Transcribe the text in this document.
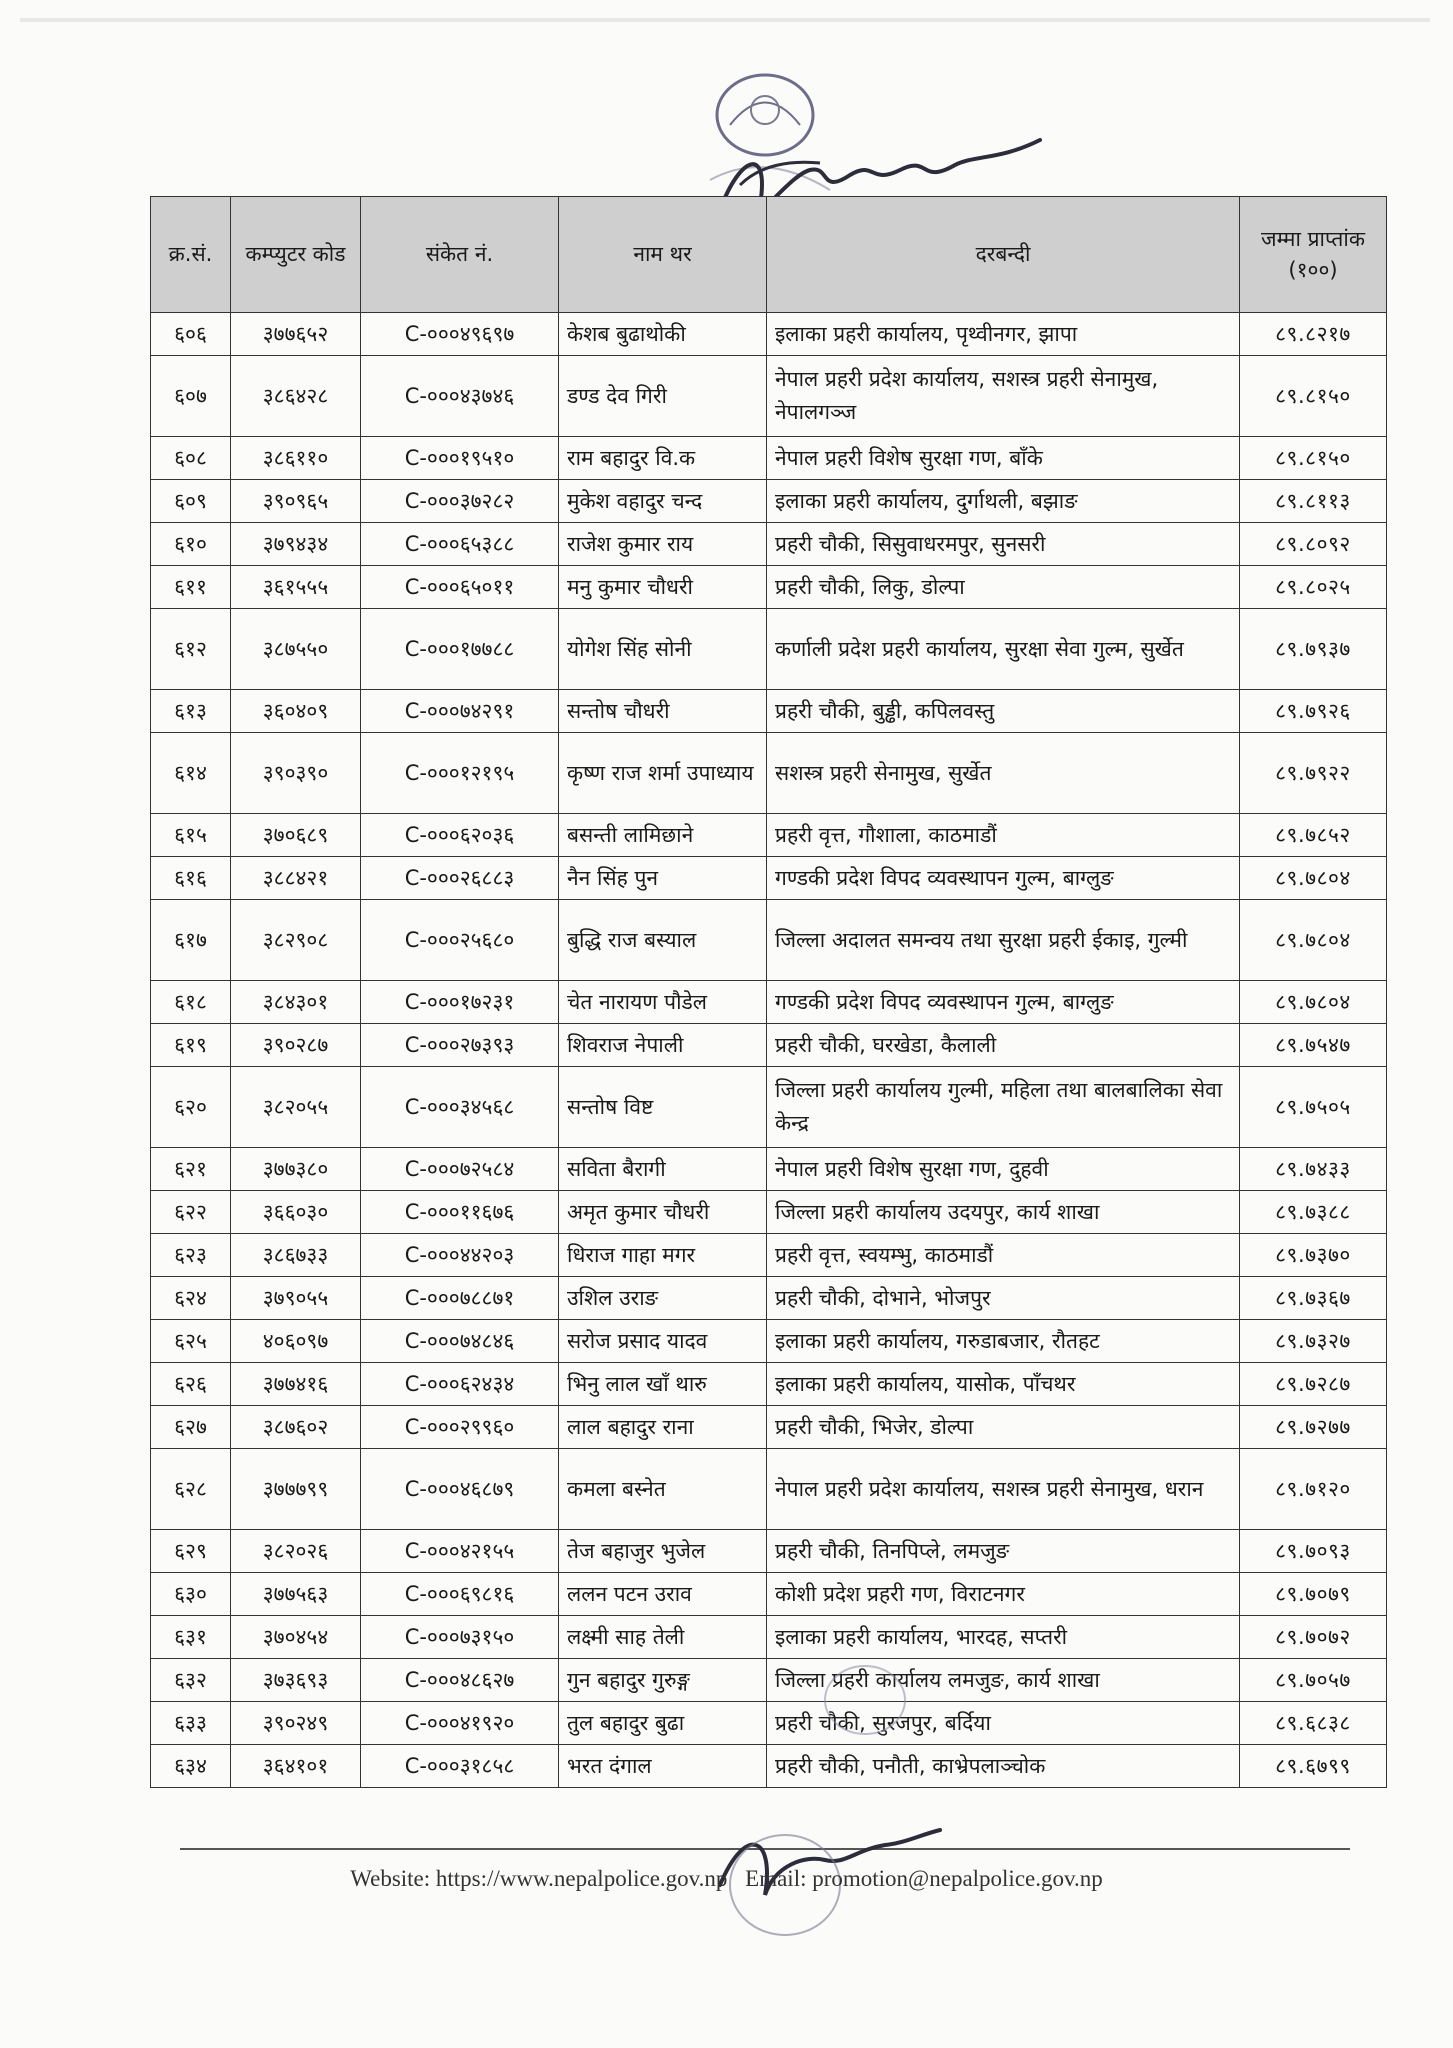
क्र.सं.	कम्प्युटर कोड	संकेत नं.	नाम थर	दरबन्दी	जम्मा प्राप्तांक (१००)
६०६	३७७६५२	C-०००४९६९७	केशब बुढाथोकी	इलाका प्रहरी कार्यालय, पृथ्वीनगर, झापा	८९.८२१७
६०७	३८६४२८	C-०००४३७४६	डण्ड देव गिरी	नेपाल प्रहरी प्रदेश कार्यालय, सशस्त्र प्रहरी सेनामुख, नेपालगञ्ज	८९.८१५०
६०८	३८६११०	C-०००१९५१०	राम बहादुर वि.क	नेपाल प्रहरी विशेष सुरक्षा गण, बाँके	८९.८१५०
६०९	३९०९६५	C-०००३७२८२	मुकेश वहादुर चन्द	इलाका प्रहरी कार्यालय, दुर्गाथली, बझाङ	८९.८११३
६१०	३७९४३४	C-०००६५३८८	राजेश कुमार राय	प्रहरी चौकी, सिसुवाधरमपुर, सुनसरी	८९.८०९२
६११	३६१५५५	C-०००६५०११	मनु कुमार चौधरी	प्रहरी चौकी, लिकु, डोल्पा	८९.८०२५
६१२	३८७५५०	C-०००१७७८८	योगेश सिंह सोनी	कर्णाली प्रदेश प्रहरी कार्यालय, सुरक्षा सेवा गुल्म, सुर्खेत	८९.७९३७
६१३	३६०४०९	C-०००७४२९१	सन्तोष चौधरी	प्रहरी चौकी, बुड्ढी, कपिलवस्तु	८९.७९२६
६१४	३९०३९०	C-०००१२१९५	कृष्ण राज शर्मा उपाध्याय	सशस्त्र प्रहरी सेनामुख, सुर्खेत	८९.७९२२
६१५	३७०६८९	C-०००६२०३६	बसन्ती लामिछाने	प्रहरी वृत्त, गौशाला, काठमाडौं	८९.७८५२
६१६	३८८४२१	C-०००२६८८३	नैन सिंह पुन	गण्डकी प्रदेश विपद व्यवस्थापन गुल्म, बाग्लुङ	८९.७८०४
६१७	३८२९०८	C-०००२५६८०	बुद्धि राज बस्याल	जिल्ला अदालत समन्वय तथा सुरक्षा प्रहरी ईकाइ, गुल्मी	८९.७८०४
६१८	३८४३०१	C-०००१७२३१	चेत नारायण पौडेल	गण्डकी प्रदेश विपद व्यवस्थापन गुल्म, बाग्लुङ	८९.७८०४
६१९	३९०२८७	C-०००२७३९३	शिवराज नेपाली	प्रहरी चौकी, घरखेडा, कैलाली	८९.७५४७
६२०	३८२०५५	C-०००३४५६८	सन्तोष विष्ट	जिल्ला प्रहरी कार्यालय गुल्मी, महिला तथा बालबालिका सेवा केन्द्र	८९.७५०५
६२१	३७७३८०	C-०००७२५८४	सविता बैरागी	नेपाल प्रहरी विशेष सुरक्षा गण, दुहवी	८९.७४३३
६२२	३६६०३०	C-०००११६७६	अमृत कुमार चौधरी	जिल्ला प्रहरी कार्यालय उदयपुर, कार्य शाखा	८९.७३८८
६२३	३८६७३३	C-०००४४२०३	धिराज गाहा मगर	प्रहरी वृत्त, स्वयम्भु, काठमाडौं	८९.७३७०
६२४	३७९०५५	C-०००७८८७१	उशिल उराङ	प्रहरी चौकी, दोभाने, भोजपुर	८९.७३६७
६२५	४०६०९७	C-०००७४८४६	सरोज प्रसाद यादव	इलाका प्रहरी कार्यालय, गरुडाबजार, रौतहट	८९.७३२७
६२६	३७७४१६	C-०००६२४३४	भिनु लाल खाँ थारु	इलाका प्रहरी कार्यालय, यासोक, पाँचथर	८९.७२८७
६२७	३८७६०२	C-०००२९९६०	लाल बहादुर राना	प्रहरी चौकी, भिजेर, डोल्पा	८९.७२७७
६२८	३७७७९९	C-०००४६८७९	कमला बस्नेत	नेपाल प्रहरी प्रदेश कार्यालय, सशस्त्र प्रहरी सेनामुख, धरान	८९.७१२०
६२९	३८२०२६	C-०००४२१५५	तेज बहाजुर भुजेल	प्रहरी चौकी, तिनपिप्ले, लमजुङ	८९.७०९३
६३०	३७७५६३	C-०००६९८१६	ललन पटन उराव	कोशी प्रदेश प्रहरी गण, विराटनगर	८९.७०७९
६३१	३७०४५४	C-०००७३१५०	लक्ष्मी साह तेली	इलाका प्रहरी कार्यालय, भारदह, सप्तरी	८९.७०७२
६३२	३७३६९३	C-०००४८६२७	गुन बहादुर गुरुङ्ग	जिल्ला प्रहरी कार्यालय लमजुङ, कार्य शाखा	८९.७०५७
६३३	३९०२४९	C-०००४१९२०	तुल बहादुर बुढा	प्रहरी चौकी, सुरजपुर, बर्दिया	८९.६८३८
६३४	३६४१०१	C-०००३१८५८	भरत दंगाल	प्रहरी चौकी, पनौती, काभ्रेपलाञ्चोक	८९.६७९९
Website: https://www.nepalpolice.gov.np Email: promotion@nepalpolice.gov.np
